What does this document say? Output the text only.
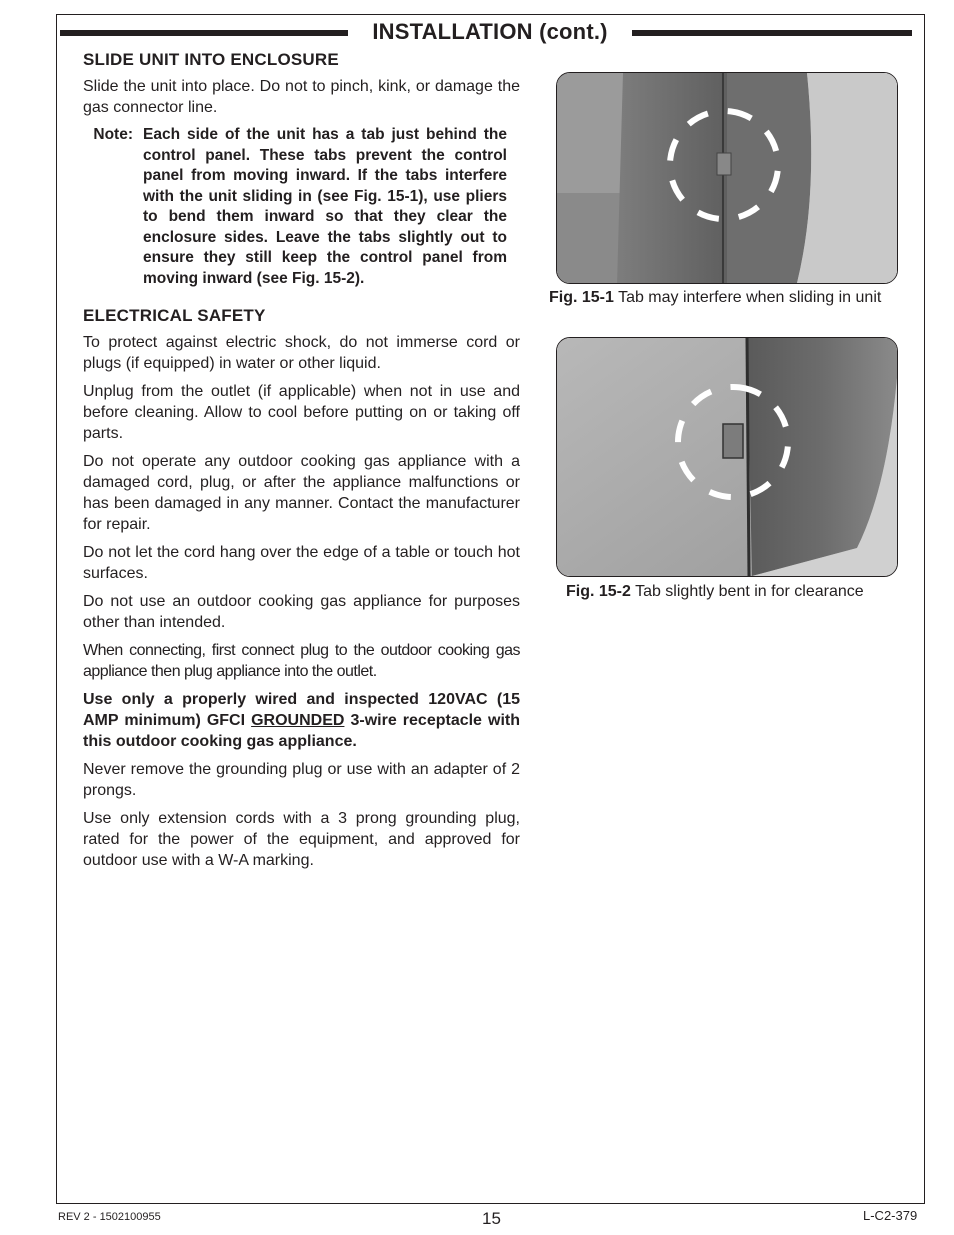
INSTALLATION (cont.)
SLIDE UNIT INTO ENCLOSURE

Slide the unit into place. Do not to pinch, kink, or damage the gas connector line.

Note: Each side of the unit has a tab just behind the control panel. These tabs prevent the control panel from moving inward. If the tabs interfere with the unit sliding in (see Fig. 15-1), use pliers to bend them inward so that they clear the enclosure sides. Leave the tabs slightly out to ensure they still keep the control panel from moving inward (see Fig. 15-2).
ELECTRICAL SAFETY

To protect against electric shock, do not immerse cord or plugs (if equipped) in water or other liquid.

Unplug from the outlet (if applicable) when not in use and before cleaning. Allow to cool before putting on or taking off parts.

Do not operate any outdoor cooking gas appliance with a damaged cord, plug, or after the appliance malfunctions or has been damaged in any manner. Contact the manufacturer for repair.

Do not let the cord hang over the edge of a table or touch hot surfaces.

Do not use an outdoor cooking gas appliance for purposes other than intended.

When connecting, first connect plug to the outdoor cooking gas appliance then plug appliance into the outlet.

Use only a properly wired and inspected 120VAC (15 AMP minimum) GFCI GROUNDED 3-wire receptacle with this outdoor cooking gas appliance.

Never remove the grounding plug or use with an adapter of 2 prongs.

Use only extension cords with a 3 prong grounding plug, rated for the power of the equipment, and approved for outdoor use with a W-A marking.

Fig. 15-1 Tab may interfere when sliding in unit
Fig. 15-2 Tab slightly bent in for clearance
REV 2 - 1502100955	15	L-C2-379
